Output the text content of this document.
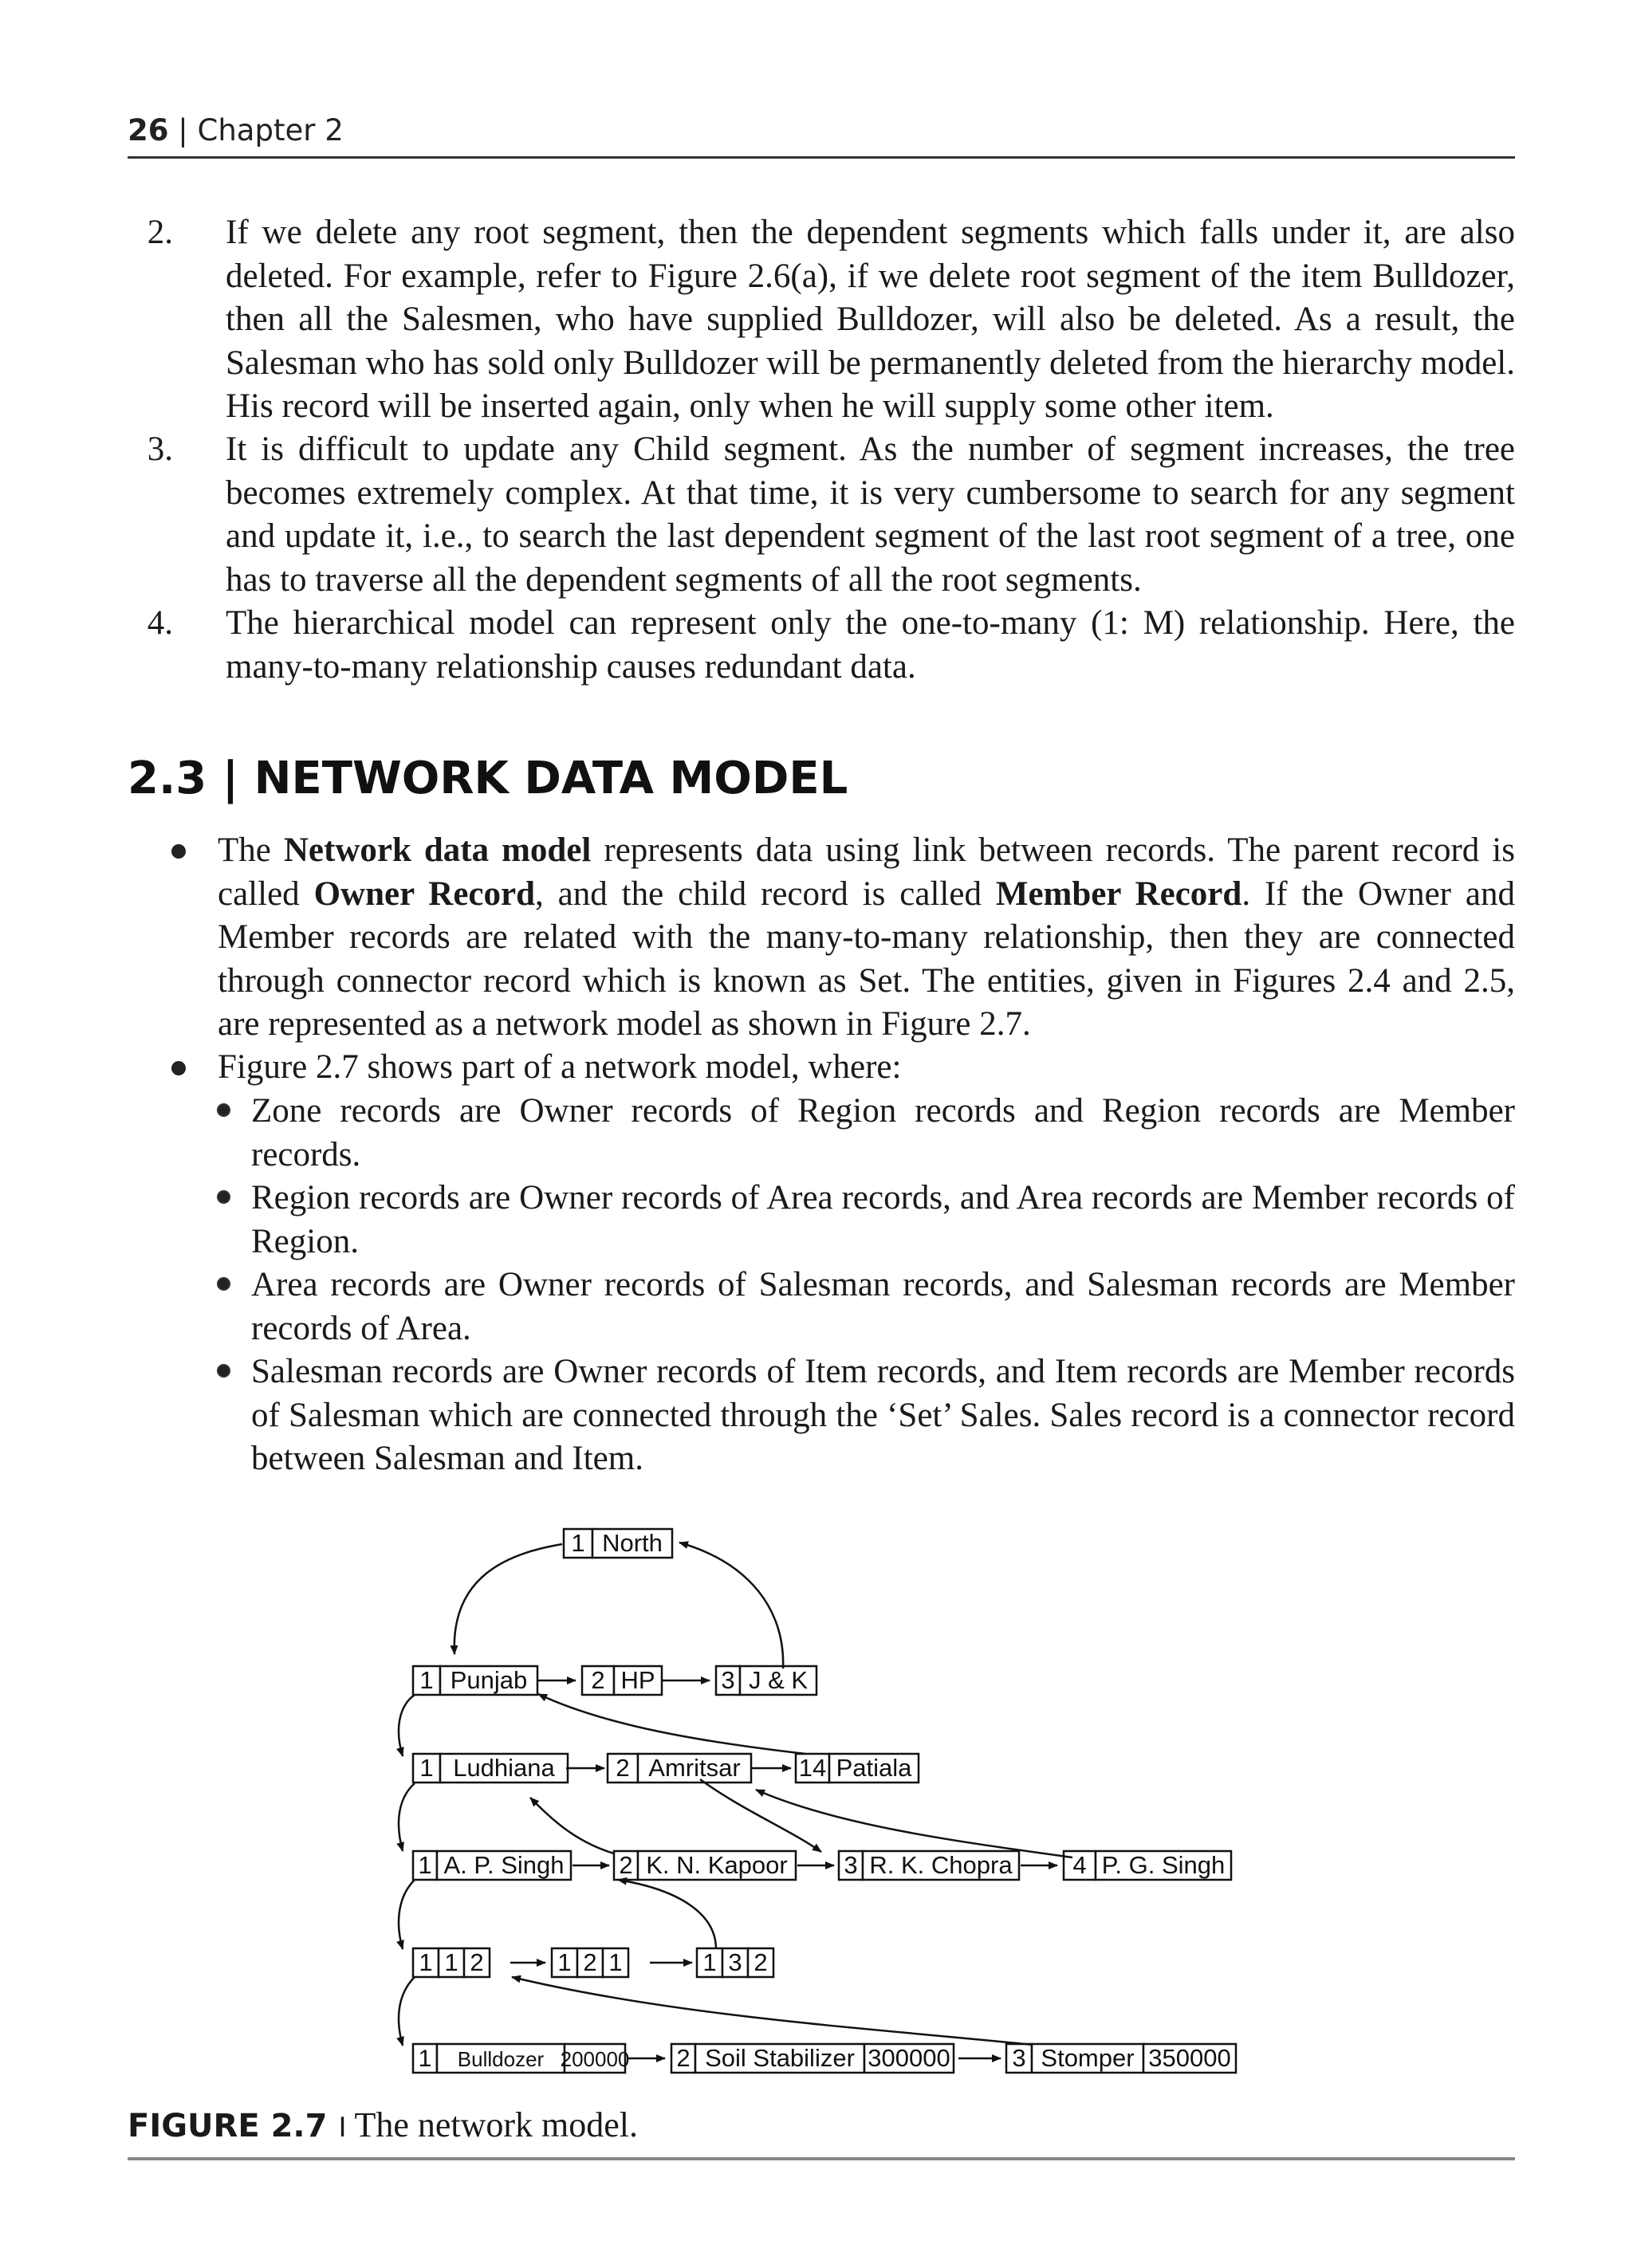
26 | Chapter 2
2.	If we delete any root segment, then the dependent segments which falls under it, are also deleted. For example, refer to Figure 2.6(a), if we delete root segment of the item Bulldozer, then all the Salesmen, who have supplied Bulldozer, will also be deleted. As a result, the Salesman who has sold only Bulldozer will be permanently deleted from the hierarchy model. His record will be inserted again, only when he will supply some other item.
3.	It is difficult to update any Child segment. As the number of segment increases, the tree becomes extremely complex. At that time, it is very cumbersome to search for any segment and update it, i.e., to search the last dependent segment of the last root segment of a tree, one has to traverse all the dependent segments of all the root segments.
4.	The hierarchical model can represent only the one-to-many (1: M) relationship. Here, the many-to-many relationship causes redundant data.
2.3 | NETWORK DATA MODEL
The Network data model represents data using link between records. The parent record is called Owner Record, and the child record is called Member Record. If the Owner and Member records are related with the many-to-many relationship, then they are connected through connector record which is known as Set. The entities, given in Figures 2.4 and 2.5, are represented as a network model as shown in Figure 2.7.
Figure 2.7 shows part of a network model, where:
Zone records are Owner records of Region records and Region records are Member records.
Region records are Owner records of Area records, and Area records are Member records of Region.
Area records are Owner records of Salesman records, and Salesman records are Member records of Area.
Salesman records are Owner records of Item records, and Item records are Member records of Salesman which are connected through the ‘Set’ Sales. Sales record is a connector record between Salesman and Item.
1 North
1 Punjab	2 HP	3 J & K
1 Ludhiana 2 Amritsar 14 Patiala
1 A. P. Singh 2 K. N. Kapoor 3 R. K. Chopra 4 P. G. Singh
1 1 2	1 2 1	1 3 2
1 Bulldozer 200000 2 Soil Stabilizer 300000	3 Stomper 350000
FIGURE 2.7 I The network model.
